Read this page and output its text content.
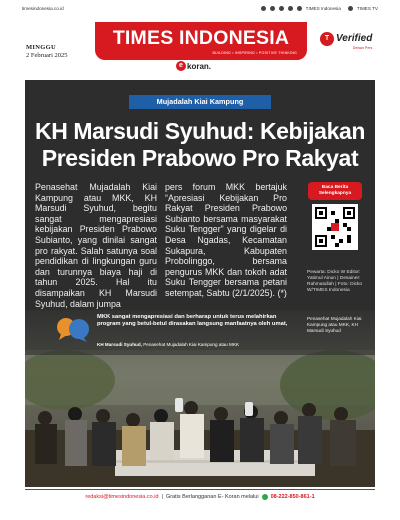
timesindonesia.co.id	TIMES Indonesia	TIMES TV
MINGGU
2 Februari 2025
TIMES INDONESIA
BUILDING • INSPIRING • POSITIVE THINKING
e koran.
T Verified
Dewan Pers
Mujadalah Kiai Kampung
KH Marsudi Syuhud: Kebijakan
Presiden Prabowo Pro Rakyat
Penasehat Mujadalah Kiai Kampung atau MKK, KH Marsudi Syuhud, begitu sangat mengapresiasi kebijakan Presiden Prabowo Subianto, yang dinilai sangat pro rakyat. Salah satunya soal pendidikan di lingkungan guru dan turunnya biaya haji di tahun 2025. Hal itu disampaikan KH Marsudi Syuhud, dalam jumpa
pers forum MKK bertajuk “Apresiasi Kebijakan Pro Rakyat Presiden Prabowo Subianto bersama masyarakat Suku Tengger” yang digelar di Desa Ngadas, Kecamatan Sukapura, Kabupaten Probolinggo, bersama pengurus MKK dan tokoh adat Suku Tengger bersama petani setempat, Sabtu (2/1/2025). (*)
Baca Berita Selengkapnya
Pewarta: Dicko W Editor: Yatimul Ainun | Desainer: Rahmatullah | Foto: Dicko W/TIMES Indonesia
MKK sangat mengapresiasi dan berharap untuk terus melahirkan program yang betul-betul dirasakan langsung manfaatnya oleh umat,
KH Marsudi Syuhud, Penasehat Mujadalah Kiai Kampung atau MKK
Penasehat Mujadalah Kiai Kampung atau MKK, KH Marsudi Syuhud
redaksi@timesindonesia.co.id | Gratis Berlangganan E- Koran melalui 08-222-850-861-1
